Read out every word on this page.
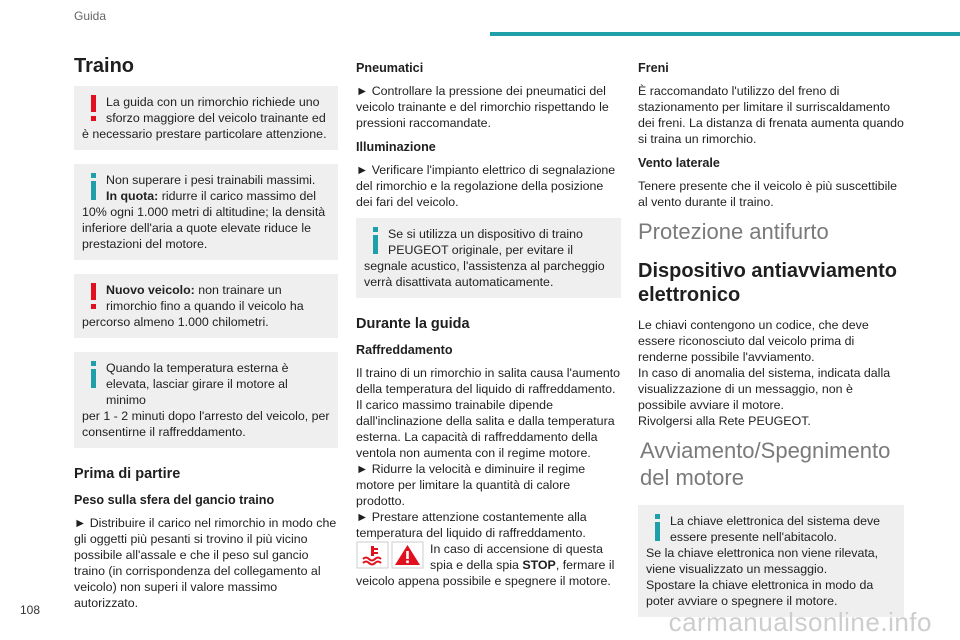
Guida
Traino
La guida con un rimorchio richiede uno sforzo maggiore del veicolo trainante ed
è necessario prestare particolare attenzione.
Non superare i pesi trainabili massimi.
In quota: ridurre il carico massimo del
10% ogni 1.000 metri di altitudine; la densità inferiore dell'aria a quote elevate riduce le prestazioni del motore.
Nuovo veicolo: non trainare un rimorchio fino a quando il veicolo ha
percorso almeno 1.000 chilometri.
Quando la temperatura esterna è elevata, lasciar girare il motore al minimo
per 1 - 2 minuti dopo l'arresto del veicolo, per consentirne il raffreddamento.
Prima di partire
Peso sulla sfera del gancio traino
► Distribuire il carico nel rimorchio in modo che gli oggetti più pesanti si trovino il più vicino possibile all'assale e che il peso sul gancio traino (in corrispondenza del collegamento al veicolo) non superi il valore massimo autorizzato.
Pneumatici
► Controllare la pressione dei pneumatici del veicolo trainante e del rimorchio rispettando le pressioni raccomandate.
Illuminazione
► Verificare l'impianto elettrico di segnalazione del rimorchio e la regolazione della posizione dei fari del veicolo.
Se si utilizza un dispositivo di traino PEUGEOT originale, per evitare il
segnale acustico, l'assistenza al parcheggio verrà disattivata automaticamente.
Durante la guida
Raffreddamento
Il traino di un rimorchio in salita causa l'aumento della temperatura del liquido di raffreddamento.
Il carico massimo trainabile dipende dall'inclinazione della salita e dalla temperatura esterna. La capacità di raffreddamento della ventola non aumenta con il regime motore.
► Ridurre la velocità e diminuire il regime motore per limitare la quantità di calore prodotto.
► Prestare attenzione costantemente alla temperatura del liquido di raffreddamento.
In caso di accensione di questa spia e della spia STOP, fermare il veicolo appena possibile e spegnere il motore.
Freni
È raccomandato l'utilizzo del freno di stazionamento per limitare il surriscaldamento dei freni. La distanza di frenata aumenta quando si traina un rimorchio.
Vento laterale
Tenere presente che il veicolo è più suscettibile al vento durante il traino.
Protezione antifurto
Dispositivo antiavviamento elettronico
Le chiavi contengono un codice, che deve essere riconosciuto dal veicolo prima di renderne possibile l'avviamento.
In caso di anomalia del sistema, indicata dalla visualizzazione di un messaggio, non è possibile avviare il motore.
Rivolgersi alla Rete PEUGEOT.
Avviamento/Spegnimento del motore
La chiave elettronica del sistema deve essere presente nell'abitacolo.
Se la chiave elettronica non viene rilevata, viene visualizzato un messaggio.
Spostare la chiave elettronica in modo da poter avviare o spegnere il motore.
108	carmanualsonline.info
